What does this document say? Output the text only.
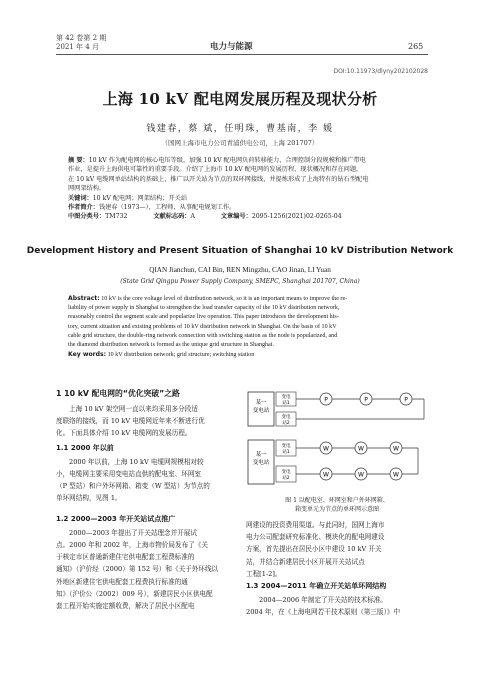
第 42 卷第 2 期
2021 年 4 月	电力与能源	265
DOI:10.11973/dlyny202102028
上海 10 kV 配电网发展历程及现状分析
钱建春，蔡 斌，任明珠，曹基南，李 媛
（国网上海市电力公司青浦供电公司，上海 201707）
摘 要：10 kV 作为配电网的核心电压等级，加强 10 kV 配电网负荷转移能力、合理控制分段规模和推广带电
作业，是提升上海供电可靠性的重要手段。介绍了上海市 10 kV 配电网的发展历程、现状概况和存在问题，
在 10 kV 电缆网单站结构的基础上，推广以开关站为节点的双环网接线，并提炼形成了上海特有的钻石型配电
网网架结构。
关键词：10 kV 配电网；网架结构；开关站
作者简介：钱建春（1973—），工程师，从事配电规划工作。
中图分类号：TM732	文献标志码：A	文章编号：2095-1256(2021)02-0265-04
Development History and Present Situation of Shanghai 10 kV Distribution Network
QIAN Jianchun, CAI Bin, REN Mingzhu, CAO Jinan, LI Yuan
(State Grid Qingpu Power Supply Company, SMEPC, Shanghai 201707, China)
Abstract: 10 kV is the core voltage level of distribution network, so it is an important means to improve the re-
liability of power supply in Shanghai to strengthen the load transfer capacity of the 10 kV distribution network,
reasonably control the segment scale and popularize live operation. This paper introduces the development his-
tory, current situation and existing problems of 10 kV distribution network in Shanghai. On the basis of 10 kV
cable grid structure, the double-ring network connection with switching station as the node is popularized, and
the diamond distribution network is formed as the unique grid structure in Shanghai.
Key words: 10 kV distribution network; grid structure; switching station
1 10 kV 配电网的“优化突破”之路
上海 10 kV 架空网一直以来均采用多分段适
度联络的接线，而 10 kV 电缆网近年来不断进行优
化。下面具体介绍 10 kV 电缆网的发展历程。
1.1 2000 年以前
2000 年以前，上海 10 kV 电缆网规模相对较
小，电缆网主要采用变电站直供的配电室、环网室
（P 型站）和户外环网箱、箱变（W 型站）为节点的
单环网结构，见图 1。
1.2 2000—2003 年开关站试点推广
2000—2003 年提出了开关站理念并开展试
点。2000 年和 2002 年，上海市物价局发布了《关
于核定市区普通新建住宅供电配套工程费标准的
通知》（沪价经（2000）第 152 号）和《关于外环线以
外地区新建住宅供电配套工程费执行标准的通
知》（沪价公（2002）009 号），新建居民小区供电配
套工程开始实施定额收费，解决了居民小区配电
某一
变电站
变电
站1
变电
站2
P	P	P
某一
变电站
变电
站1
变电
站2
W	W	W
W	W	W
图 1 以配电室、环网室和户外环网箱、
箱变单元为节点的单环网示意图
网建设的投资费用渠道。与此同时，国网上海市
电力公司配套研究标准化、模块化的配电网建设
方案，首先提出在居民小区中建设 10 kV 开关
站，并结合新建居民小区开展开关站试点
工程[1-2]。
1.3 2004—2011 年确立开关站单环网结构
2004—2006 年制定了开关站的技术标准。
2004 年，在《上海电网若干技术原则（第三版）》中
